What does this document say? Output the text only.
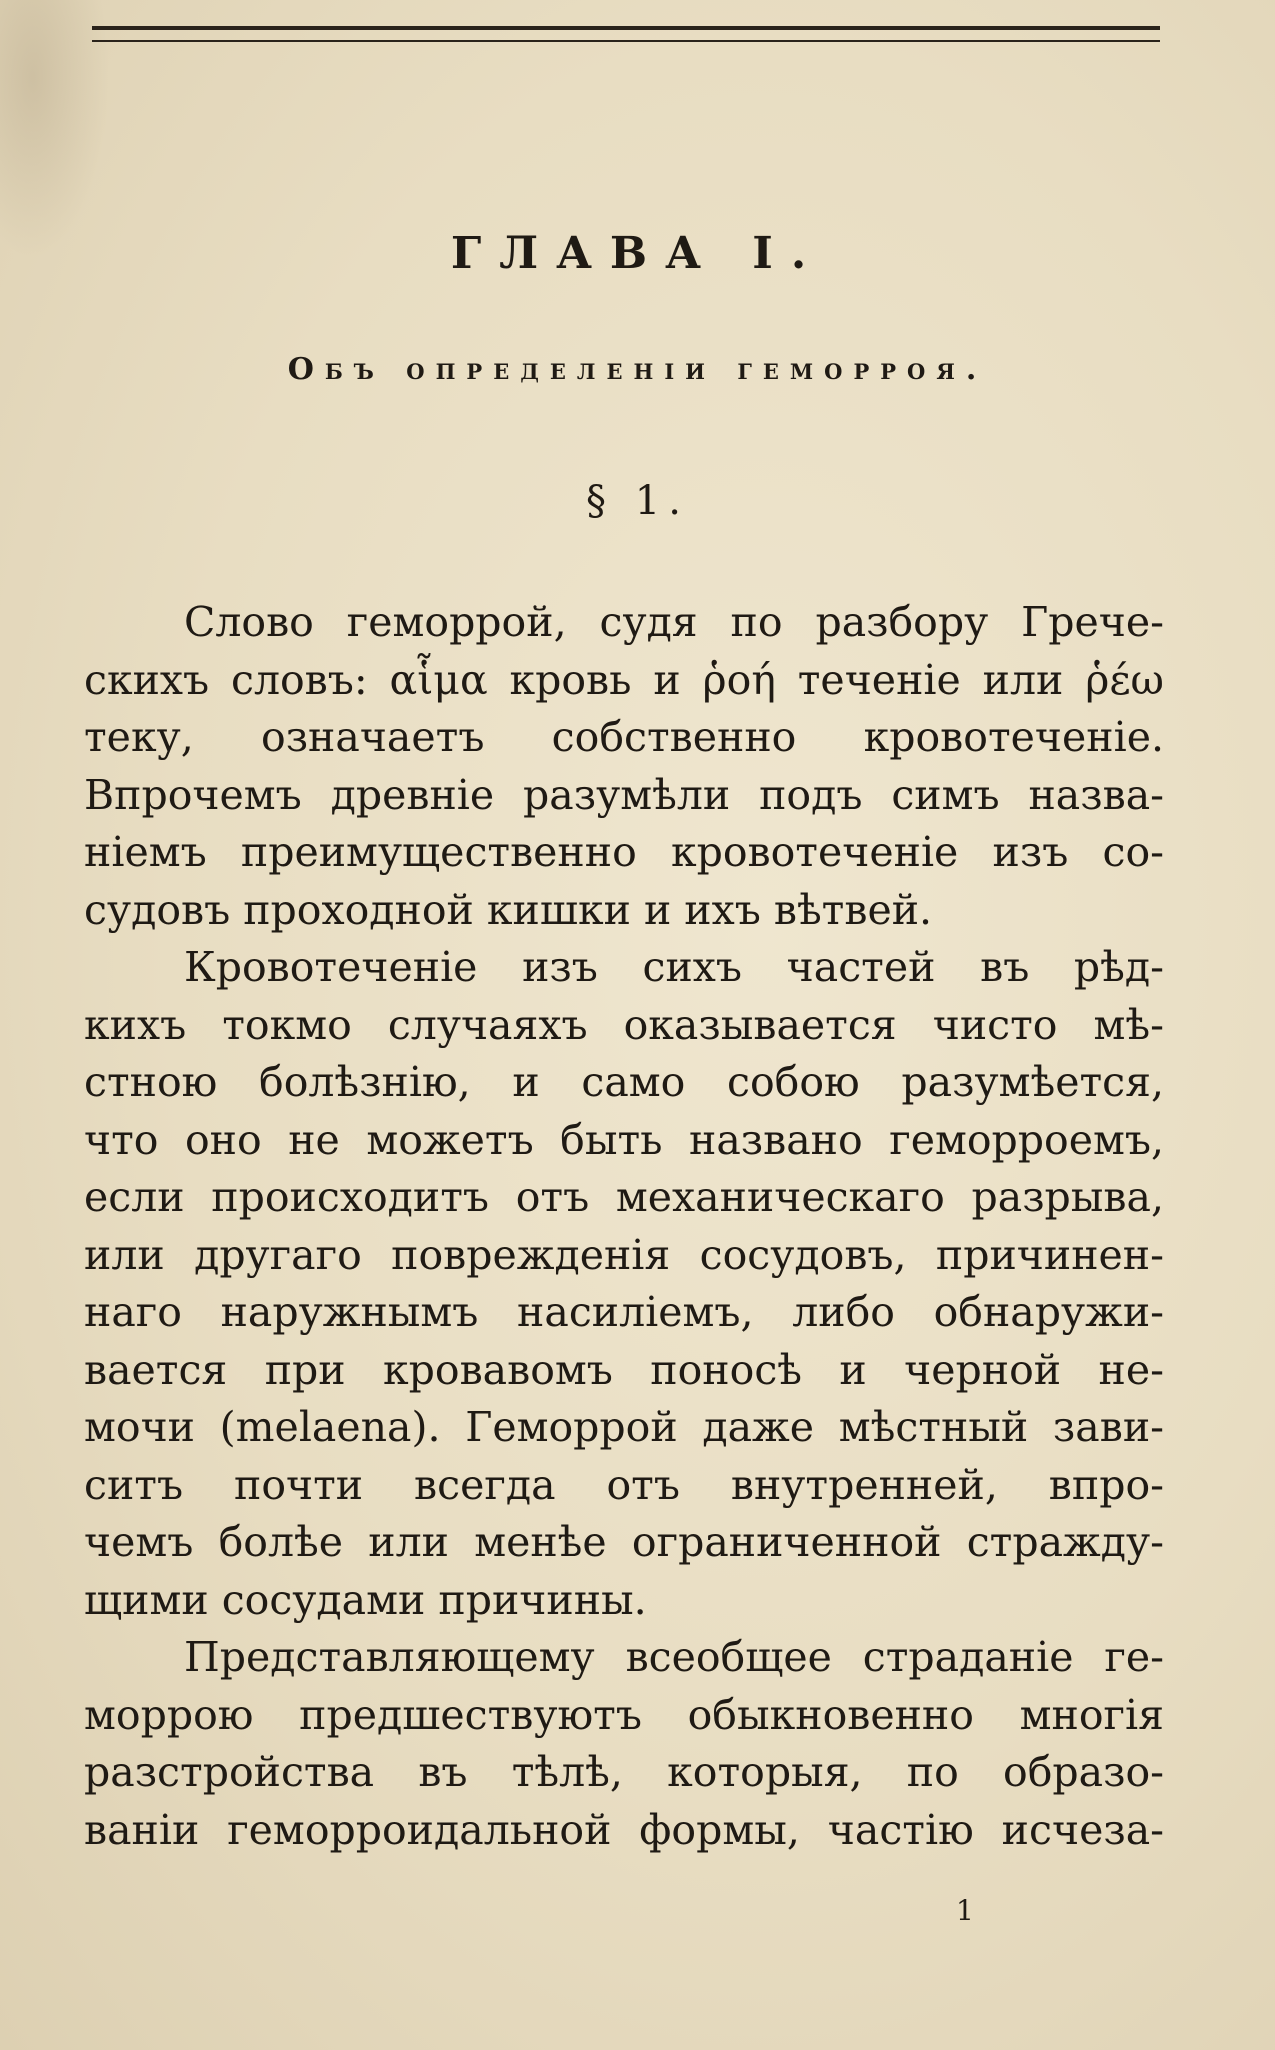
ГЛАВА I.
Объ определеніи геморроя.
§ 1.

Слово геморрой, судя по разбору Грече-
скихъ словъ: αἷμα кровь и ῥοή теченіе или ῥέω
теку, означаетъ собственно кровотеченіе.
Впрочемъ древніе разумѣли подъ симъ назва-
ніемъ преимущественно кровотеченіе изъ со-
судовъ проходной кишки и ихъ вѣтвей.

Кровотеченіе изъ сихъ частей въ рѣд-
кихъ токмо случаяхъ оказывается чисто мѣ-
стною болѣзнію, и само собою разумѣется,
что оно не можетъ быть названо геморроемъ,
если происходитъ отъ механическаго разрыва,
или другаго поврежденія сосудовъ, причинен-
наго наружнымъ насиліемъ, либо обнаружи-
вается при кровавомъ поносѣ и черной не-
мочи (melaena). Геморрой даже мѣстный зави-
ситъ почти всегда отъ внутренней, впро-
чемъ болѣе или менѣе ограниченной стражду-
щими сосудами причины.

Представляющему всеобщее страданіе ге-
моррою предшествуютъ обыкновенно многія
разстройства въ тѣлѣ, которыя, по образо-
ваніи геморроидальной формы, частію исчеза-

1
